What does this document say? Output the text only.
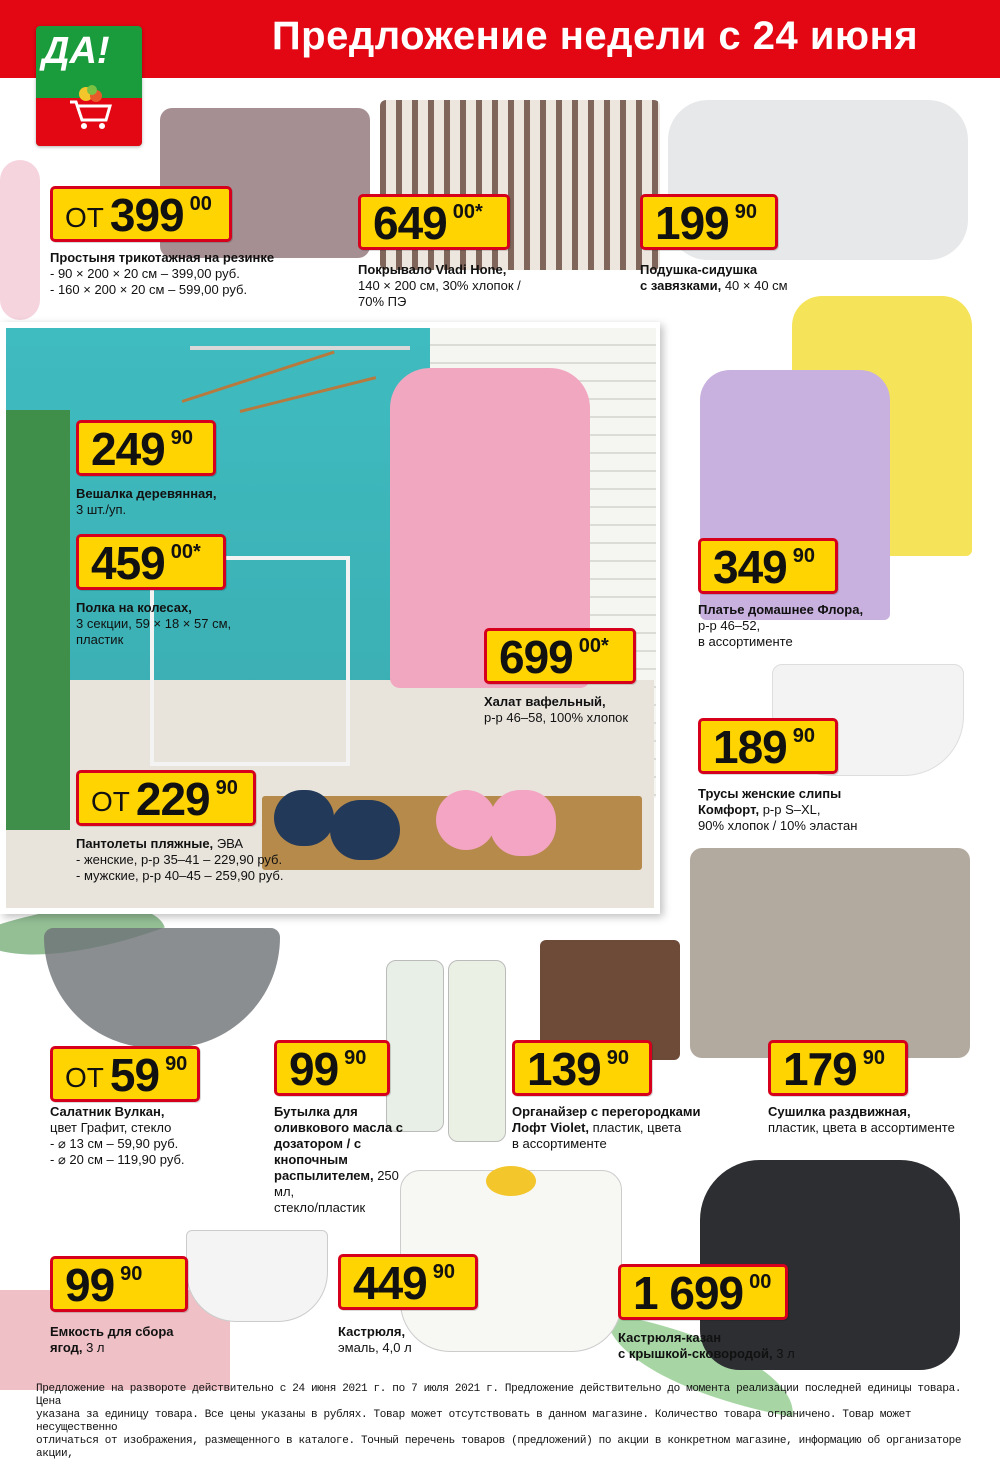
Предложение недели с 24 июня
ДА!
ОТ 399 00
Простыня трикотажная на резинке
- 90 × 200 × 20 см – 399,00 руб.
- 160 × 200 × 20 см – 599,00 руб.
649 00*
Покрывало Vladi Hone,
140 × 200 см, 30% хлопок /
70% ПЭ
199 90
Подушка-сидушка
с завязками, 40 × 40 см
249 90
Вешалка деревянная,
3 шт./уп.
459 00*
Полка на колесах,
3 секции, 59 × 18 × 57 см,
пластик	699 00*
Халат вафельный,
р-р 46–58, 100% хлопок
ОТ 229 90
Пантолеты пляжные, ЭВА
- женские, р-р 35–41 – 229,90 руб.
- мужские, р-р 40–45 – 259,90 руб.
349 90
Платье домашнее Флора,
р-р 46–52,
в ассортименте
189 90
Трусы женские слипы
Комфорт, р-р S–XL,
90% хлопок / 10% эластан
ОТ 59 90
Салатник Вулкан,
цвет Графит, стекло
- ⌀ 13 см – 59,90 руб.
- ⌀ 20 см – 119,90 руб.
99 90
Бутылка для оливкового масла с дозатором / с кнопочным распылителем, 250 мл,
стекло/пластик
139 90
Органайзер с перегородками Лофт Violet, пластик, цвета
в ассортименте
179 90
Сушилка раздвижная,
пластик, цвета в ассортименте
99 90
Емкость для сбора
ягод, 3 л
449 90
Кастрюля,
эмаль, 4,0 л
1 699 00
Кастрюля-казан
с крышкой-сковородой, 3 л
Предложение на развороте действительно с 24 июня 2021 г. по 7 июля 2021 г. Предложение действительно до момента реализации последней единицы товара. Цена
указана за единицу товара. Все цены указаны в рублях. Товар может отсутствовать в данном магазине. Количество товара ограничено. Товар может несущественно
отличаться от изображения, размещенного в каталоге. Точный перечень товаров (предложений) по акции в конкретном магазине, информацию об организаторе акции,
